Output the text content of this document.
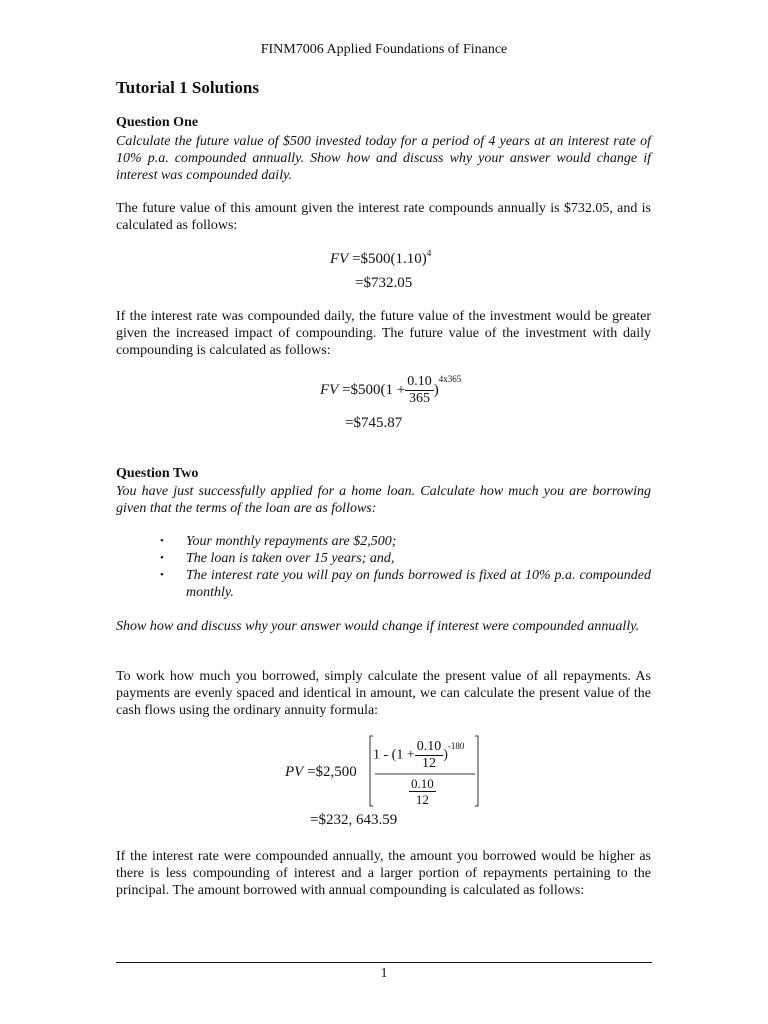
FINM7006 Applied Foundations of Finance
Tutorial 1 Solutions
Question One
Calculate the future value of $500 invested today for a period of 4 years at an interest rate of 10% p.a. compounded annually. Show how and discuss why your answer would change if interest was compounded daily.
The future value of this amount given the interest rate compounds annually is $732.05, and is calculated as follows:
FV $=\$500(1.10)^4$
=$732.05
If the interest rate was compounded daily, the future value of the investment would be greater given the increased impact of compounding. The future value of the investment with daily compounding is calculated as follows:
FV =$500(1 + $\frac{0.10}{365} )^{4x365}$
=$745.87
Question Two
You have just successfully applied for a home loan. Calculate how much you are borrowing given that the terms of the loan are as follows:
• Your monthly repayments are $2,500;
• The loan is taken over 15 years; and,
• The interest rate you will pay on funds borrowed is fixed at 10% p.a. compounded monthly.
Show how and discuss why your answer would change if interest were compounded annually.
To work how much you borrowed, simply calculate the present value of all repayments. As payments are evenly spaced and identical in amount, we can calculate the present value of the cash flows using the ordinary annuity formula:
PV =$2,500
$1 - (1 + \frac{0.10}{12} )^{-180}$
$\frac{0.10}{12}$
=$232, 643.59
If the interest rate were compounded annually, the amount you borrowed would be higher as there is less compounding of interest and a larger portion of repayments pertaining to the principal. The amount borrowed with annual compounding is calculated as follows:
1
